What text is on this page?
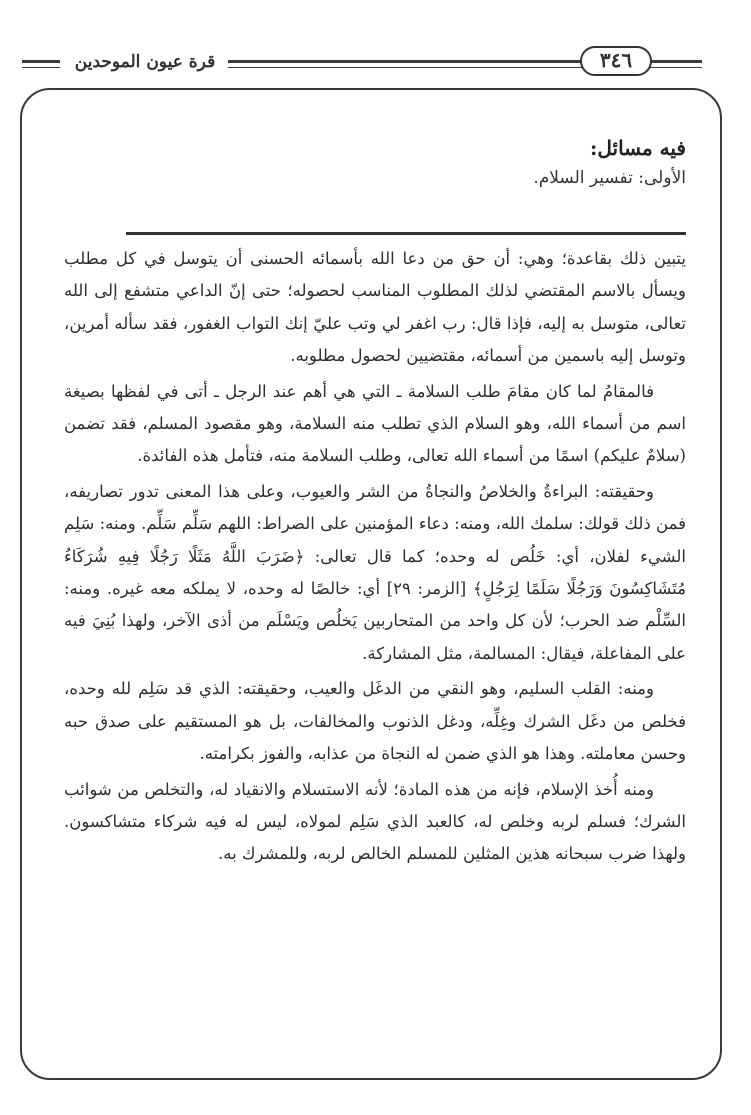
قرة عيون الموحدين	٣٤٦
فيه مسائل:
الأولى: تفسير السلام.

يتبين ذلك بقاعدة؛ وهي: أن حق من دعا الله بأسمائه الحسنى أن يتوسل في كل مطلب ويسأل بالاسم المقتضي لذلك المطلوب المناسب لحصوله؛ حتى إنّ الداعي متشفع إلى الله تعالى، متوسل به إليه، فإذا قال: رب اغفر لي وتب عليّ إنك التواب الغفور، فقد سأله أمرين، وتوسل إليه باسمين من أسمائه، مقتضيين لحصول مطلوبه.

فالمقامُ لما كان مقامَ طلب السلامة ـ التي هي أهم عند الرجل ـ أتى في لفظها بصيغة اسم من أسماء الله، وهو السلام الذي تطلب منه السلامة، وهو مقصود المسلم، فقد تضمن (سلامٌ عليكم) اسمًا من أسماء الله تعالى، وطلب السلامة منه، فتأمل هذه الفائدة.

وحقيقته: البراءةُ والخلاصُ والنجاةُ من الشر والعيوب، وعلى هذا المعنى تدور تصاريفه، فمن ذلك قولك: سلمك الله، ومنه: دعاء المؤمنين على الصراط: اللهم سَلِّم سَلِّم. ومنه: سَلِم الشيء لفلان، أي: خَلُص له وحده؛ كما قال تعالى: ﴿ضَرَبَ اللَّهُ مَثَلًا رَجُلًا فِيهِ شُرَكَاءُ مُتَشَاكِسُونَ وَرَجُلًا سَلَمًا لِرَجُلٍ﴾ [الزمر: ٢٩] أي: خالصًا له وحده، لا يملكه معه غيره. ومنه: السِّلْم ضد الحرب؛ لأن كل واحد من المتحاربين يَخلُص ويَسْلَم من أذى الآخر، ولهذا بُنِيَ فيه على المفاعلة، فيقال: المسالمة، مثل المشاركة.

ومنه: القلب السليم، وهو النقي من الدغَل والعيب، وحقيقته: الذي قد سَلِم لله وحده، فخلص من دغَل الشرك وغِلِّه، ودغل الذنوب والمخالفات، بل هو المستقيم على صدق حبه وحسن معاملته. وهذا هو الذي ضمن له النجاة من عذابه، والفوز بكرامته.

ومنه أُخذ الإسلام، فإنه من هذه المادة؛ لأنه الاستسلام والانقياد له، والتخلص من شوائب الشرك؛ فسلم لربه وخلص له، كالعبد الذي سَلِم لمولاه، ليس له فيه شركاء متشاكسون. ولهذا ضرب سبحانه هذين المثلين للمسلم الخالص لربه، وللمشرك به.
